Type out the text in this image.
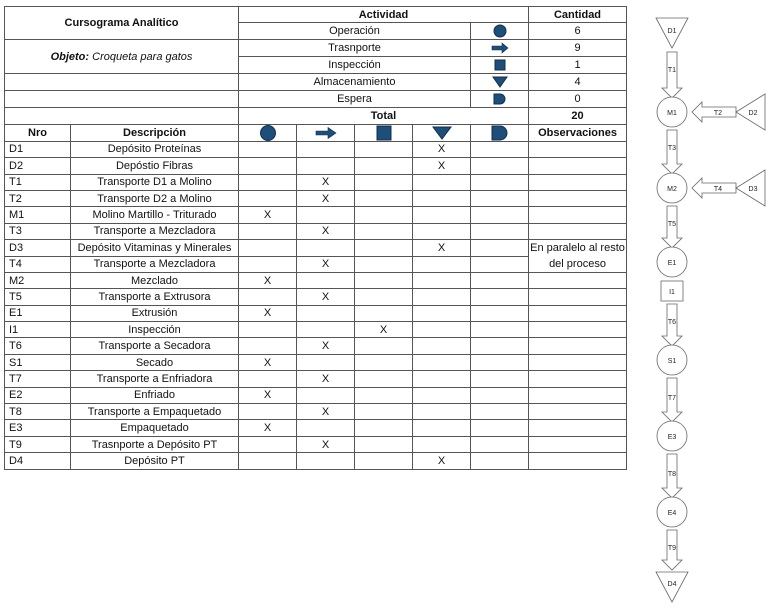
Cursograma Analítico		Actividad					Cantidad
		Operación					6
Objeto: Croqueta para gatos		Trasnporte					9
		Inspección					1
		Almacenamiento					4
		Espera					0
		Total					20
Nro	Descripción						Observaciones
D1	Depósito Proteínas				X		
D2	Depóstio Fibras				X		
T1	Transporte D1 a Molino		X				
T2	Transporte D2 a Molino		X				
M1	Molino Martillo - Triturado	X					
T3	Transporte a Mezcladora		X				
D3	Depósito Vitaminas y Minerales				X		En paralelo al resto
T4	Transporte a Mezcladora		X				del proceso
M2	Mezclado	X					
T5	Transporte a Extrusora		X				
E1	Extrusión	X					
I1	Inspección			X			
T6	Transporte a Secadora		X				
S1	Secado	X					
T7	Transporte a Enfriadora		X				
E2	Enfriado	X					
T8	Transporte a Empaquetado		X				
E3	Empaquetado	X					
T9	Trasnporte a Depósito PT		X				
D4	Depósito PT				X		
D1
T1
M1	T2	D2
T3
M2	T4	D3
T5
E1
I1
T6
S1
T7
E3
T8
E4
T9
D4
